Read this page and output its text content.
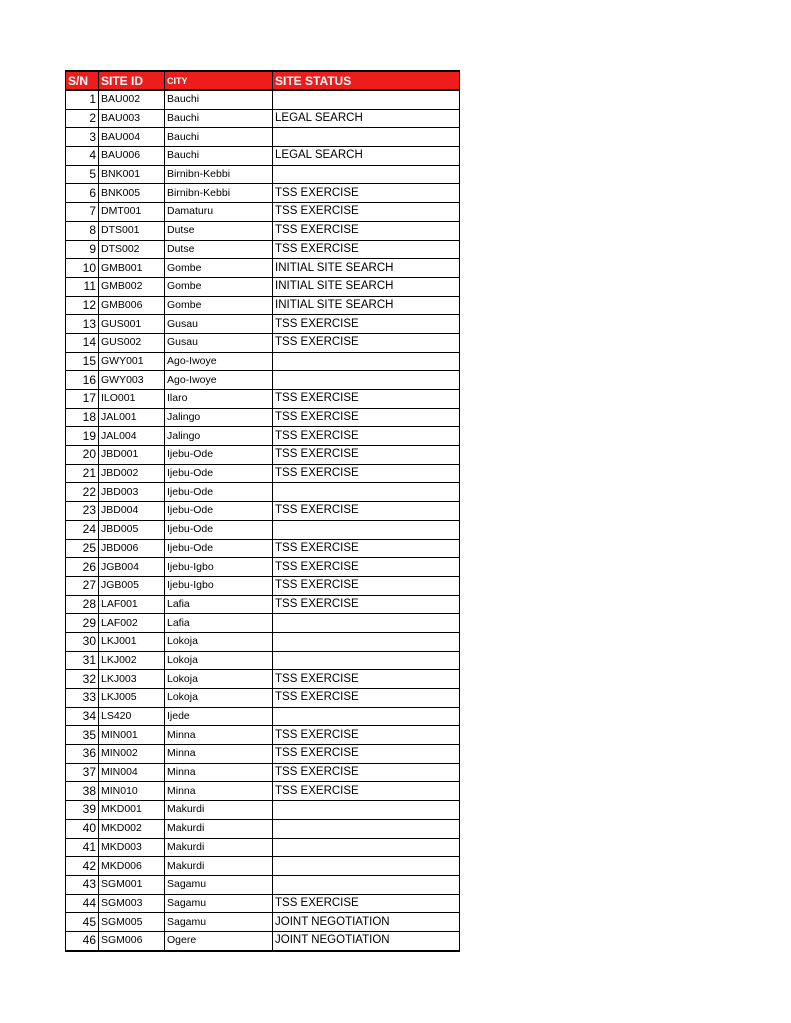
S/N	SITE ID	CITY	SITE STATUS
1	BAU002	Bauchi	
2	BAU003	Bauchi	LEGAL SEARCH
3	BAU004	Bauchi	
4	BAU006	Bauchi	LEGAL SEARCH
5	BNK001	Birnibn-Kebbi	
6	BNK005	Birnibn-Kebbi	TSS EXERCISE
7	DMT001	Damaturu	TSS EXERCISE
8	DTS001	Dutse	TSS EXERCISE
9	DTS002	Dutse	TSS EXERCISE
10	GMB001	Gombe	INITIAL SITE SEARCH
11	GMB002	Gombe	INITIAL SITE SEARCH
12	GMB006	Gombe	INITIAL SITE SEARCH
13	GUS001	Gusau	TSS EXERCISE
14	GUS002	Gusau	TSS EXERCISE
15	GWY001	Ago-Iwoye	
16	GWY003	Ago-Iwoye	
17	ILO001	Ilaro	TSS EXERCISE
18	JAL001	Jalingo	TSS EXERCISE
19	JAL004	Jalingo	TSS EXERCISE
20	JBD001	Ijebu-Ode	TSS EXERCISE
21	JBD002	Ijebu-Ode	TSS EXERCISE
22	JBD003	Ijebu-Ode	
23	JBD004	Ijebu-Ode	TSS EXERCISE
24	JBD005	Ijebu-Ode	
25	JBD006	Ijebu-Ode	TSS EXERCISE
26	JGB004	Ijebu-Igbo	TSS EXERCISE
27	JGB005	Ijebu-Igbo	TSS EXERCISE
28	LAF001	Lafia	TSS EXERCISE
29	LAF002	Lafia	
30	LKJ001	Lokoja	
31	LKJ002	Lokoja	
32	LKJ003	Lokoja	TSS EXERCISE
33	LKJ005	Lokoja	TSS EXERCISE
34	LS420	Ijede	
35	MIN001	Minna	TSS EXERCISE
36	MIN002	Minna	TSS EXERCISE
37	MIN004	Minna	TSS EXERCISE
38	MIN010	Minna	TSS EXERCISE
39	MKD001	Makurdi	
40	MKD002	Makurdi	
41	MKD003	Makurdi	
42	MKD006	Makurdi	
43	SGM001	Sagamu	
44	SGM003	Sagamu	TSS EXERCISE
45	SGM005	Sagamu	JOINT NEGOTIATION
46	SGM006	Ogere	JOINT NEGOTIATION
